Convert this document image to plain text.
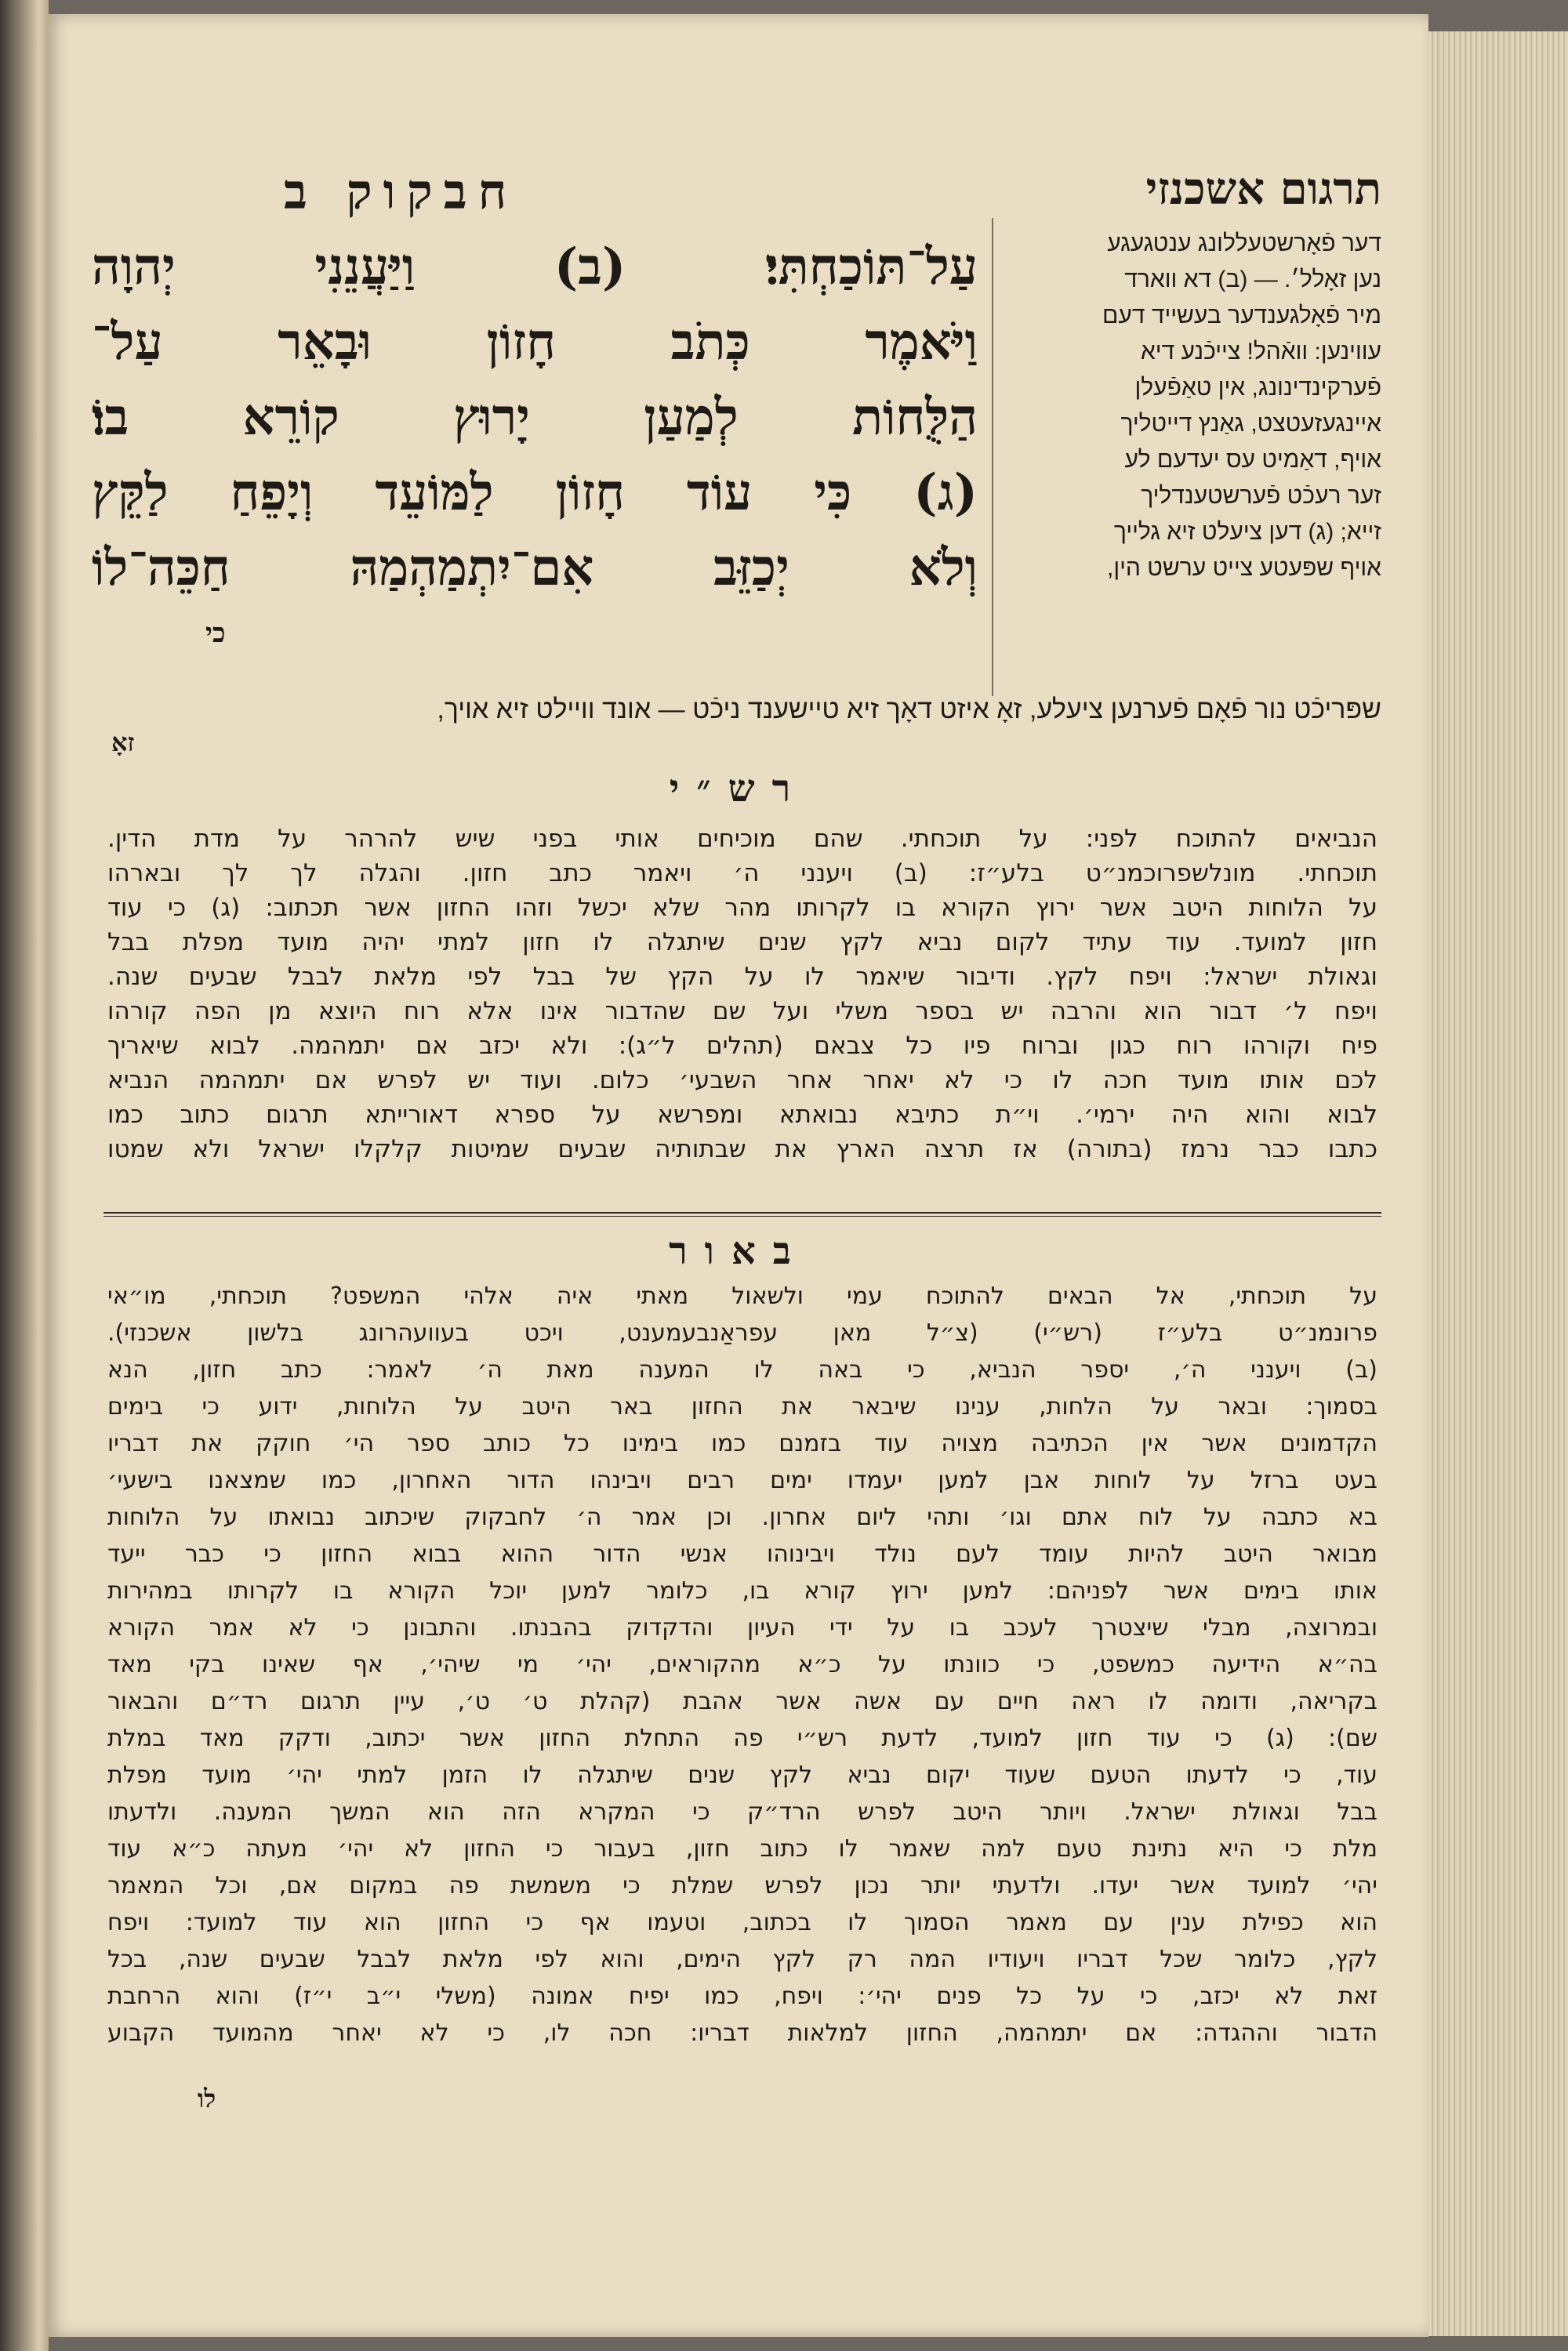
תרגום אשכנזי
חבקוק ב
דער פֿאָרשטעללונג ענטגעגע
נען זאָלל׳. — (ב) דא ווארד
מיר פֿאָלגענדער בעשייד דעם
עווינען: וואֿהל! צייכֿנע דיא
פֿערקינדינונג, אין טאַפֿעלן
איינגעזעטצט, גאַנץ דייטליך
אויף, דאַמיט עס יעדעם לע
זער רעכֿט פֿערשטענדליך
זייא; (ג) דען ציעלט זיא גלייך
אויף שפּעטע צייט ערשט הין,
עַל־תּוֹכַחְתִּי׃ (ב) וַיַּעֲנֵנִי יְהוָה
וַיֹּאמֶר כְּתֹב חָזוֹן וּבָאֵר עַל־
הַלֻּחוֹת לְמַעַן יָרוּץ קוֹרֵא בוֹ׃
(ג) כִּי עוֹד חָזוֹן לַמּוֹעֵד וְיָפֵחַ לַקֵּץ
וְלֹא יְכַזֵּב אִם־יִתְמַהְמַהּ חַכֵּה־לוֹ
כי
שפּריכֿט נור פֿאָם פֿערנען ציעלע, זאָ איזט דאָך זיא טיישענד ניכֿט — אונד ווײלט זיא אויך,
זאָ
רש״י
הנביאים להתוכח לפני: על תוכחתי. שהם מוכיחים אותי בפני שיש להרהר על מדת הדין.
תוכחתי. מונלשפרוכמנ״ט בלע״ז: (ב) ויענני ה׳ ויאמר כתב חזון. והגלה לך לך ובארהו
על הלוחות היטב אשר ירוץ הקורא בו לקרותו מהר שלא יכשל וזהו החזון אשר תכתוב: (ג) כי עוד
חזון למועד. עוד עתיד לקום נביא לקץ שנים שיתגלה לו חזון למתי יהיה מועד מפלת בבל
וגאולת ישראל: ויפח לקץ. ודיבור שיאמר לו על הקץ של בבל לפי מלאת לבבל שבעים שנה.
ויפח ל׳ דבור הוא והרבה יש בספר משלי ועל שם שהדבור אינו אלא רוח היוצא מן הפה קורהו
פיח וקורהו רוח כגון וברוח פיו כל צבאם (תהלים ל״ג): ולא יכזב אם יתמהמה. לבוא שיאריך
לכם אותו מועד חכה לו כי לא יאחר אחר השבעי׳ כלום. ועוד יש לפרש אם יתמהמה הנביא
לבוא והוא היה ירמי׳. וי״ת כתיבא נבואתא ומפרשא על ספרא דאורייתא תרגום כתוב כמו
כתבו כבר נרמז (בתורה) אז תרצה הארץ את שבתותיה שבעים שמיטות קלקלו ישראל ולא שמטו
באור
על תוכחתי, אל הבאים להתוכח עמי ולשאול מאתי איה אלהי המשפט? תוכחתי, מו״אי
פרונמנ״ט בלע״ז (רש״י) (צ״ל מאן עפראַנבעמענט, ויכט בעוועהרונג בלשון אשכנזי).
(ב) ויענני ה׳, יספר הנביא, כי באה לו המענה מאת ה׳ לאמר: כתב חזון, הנא
בסמוך: ובאר על הלחות, ענינו שיבאר את החזון באר היטב על הלוחות, ידוע כי בימים
הקדמונים אשר אין הכתיבה מצויה עוד בזמנם כמו בימינו כל כותב ספר הי׳ חוקק את דבריו
בעט ברזל על לוחות אבן למען יעמדו ימים רבים ויבינהו הדור האחרון, כמו שמצאנו בישעי׳
בא כתבה על לוח אתם וגו׳ ותהי ליום אחרון. וכן אמר ה׳ לחבקוק שיכתוב נבואתו על הלוחות
מבואר היטב להיות עומד לעם נולד ויבינוהו אנשי הדור ההוא בבוא החזון כי כבר ייעד
אותו בימים אשר לפניהם: למען ירוץ קורא בו, כלומר למען יוכל הקורא בו לקרותו במהירות
ובמרוצה, מבלי שיצטרך לעכב בו על ידי העיון והדקדוק בהבנתו. והתבונן כי לא אמר הקורא
בה״א הידיעה כמשפט, כי כוונתו על כ״א מהקוראים, יהי׳ מי שיהי׳, אף שאינו בקי מאד
בקריאה, ודומה לו ראה חיים עם אשה אשר אהבת (קהלת ט׳ ט׳, עיין תרגום רד״ם והבאור
שם): (ג) כי עוד חזון למועד, לדעת רש״י פה התחלת החזון אשר יכתוב, ודקק מאד במלת
עוד, כי לדעתו הטעם שעוד יקום נביא לקץ שנים שיתגלה לו הזמן למתי יהי׳ מועד מפלת
בבל וגאולת ישראל. ויותר היטב לפרש הרד״ק כי המקרא הזה הוא המשך המענה. ולדעתו
מלת כי היא נתינת טעם למה שאמר לו כתוב חזון, בעבור כי החזון לא יהי׳ מעתה כ״א עוד
יהי׳ למועד אשר יעדו. ולדעתי יותר נכון לפרש שמלת כי משמשת פה במקום אם, וכל המאמר
הוא כפילת ענין עם מאמר הסמוך לו בכתוב, וטעמו אף כי החזון הוא עוד למועד: ויפח
לקץ, כלומר שכל דבריו ויעודיו המה רק לקץ הימים, והוא לפי מלאת לבבל שבעים שנה, בכל
זאת לא יכזב, כי על כל פנים יהי׳: ויפח, כמו יפיח אמונה (משלי י״ב י״ז) והוא הרחבת
הדבור וההגדה: אם יתמהמה, החזון למלאות דבריו: חכה לו, כי לא יאחר מהמועד הקבוע
לו
